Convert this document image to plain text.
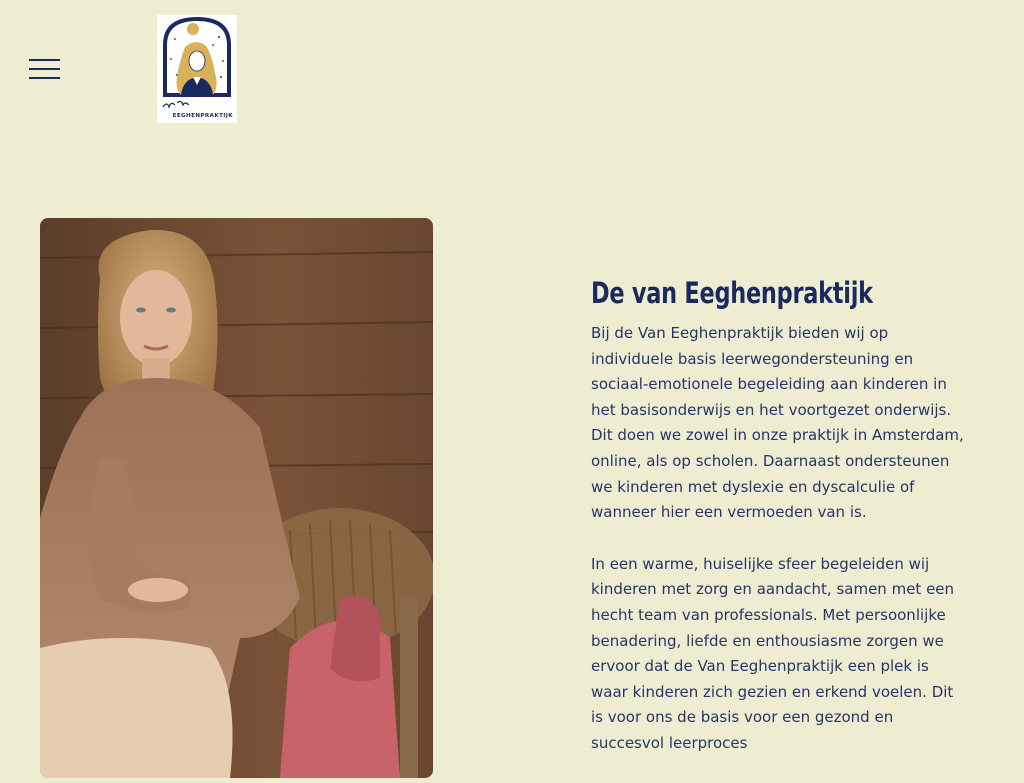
EEGHENPRAKTIJK
De van Eeghenpraktijk

Bij de Van Eeghenpraktijk bieden wij op individuele basis leerwegondersteuning en sociaal-emotionele begeleiding aan kinderen in het basisonderwijs en het voortgezet onderwijs. Dit doen we zowel in onze praktijk in Amsterdam, online, als op scholen. Daarnaast ondersteunen we kinderen met dyslexie en dyscalculie of wanneer hier een vermoeden van is.

In een warme, huiselijke sfeer begeleiden wij kinderen met zorg en aandacht, samen met een hecht team van professionals. Met persoonlijke benadering, liefde en enthousiasme zorgen we ervoor dat de Van Eeghenpraktijk een plek is waar kinderen zich gezien en erkend voelen. Dit is voor ons de basis voor een gezond en succesvol leerproces
